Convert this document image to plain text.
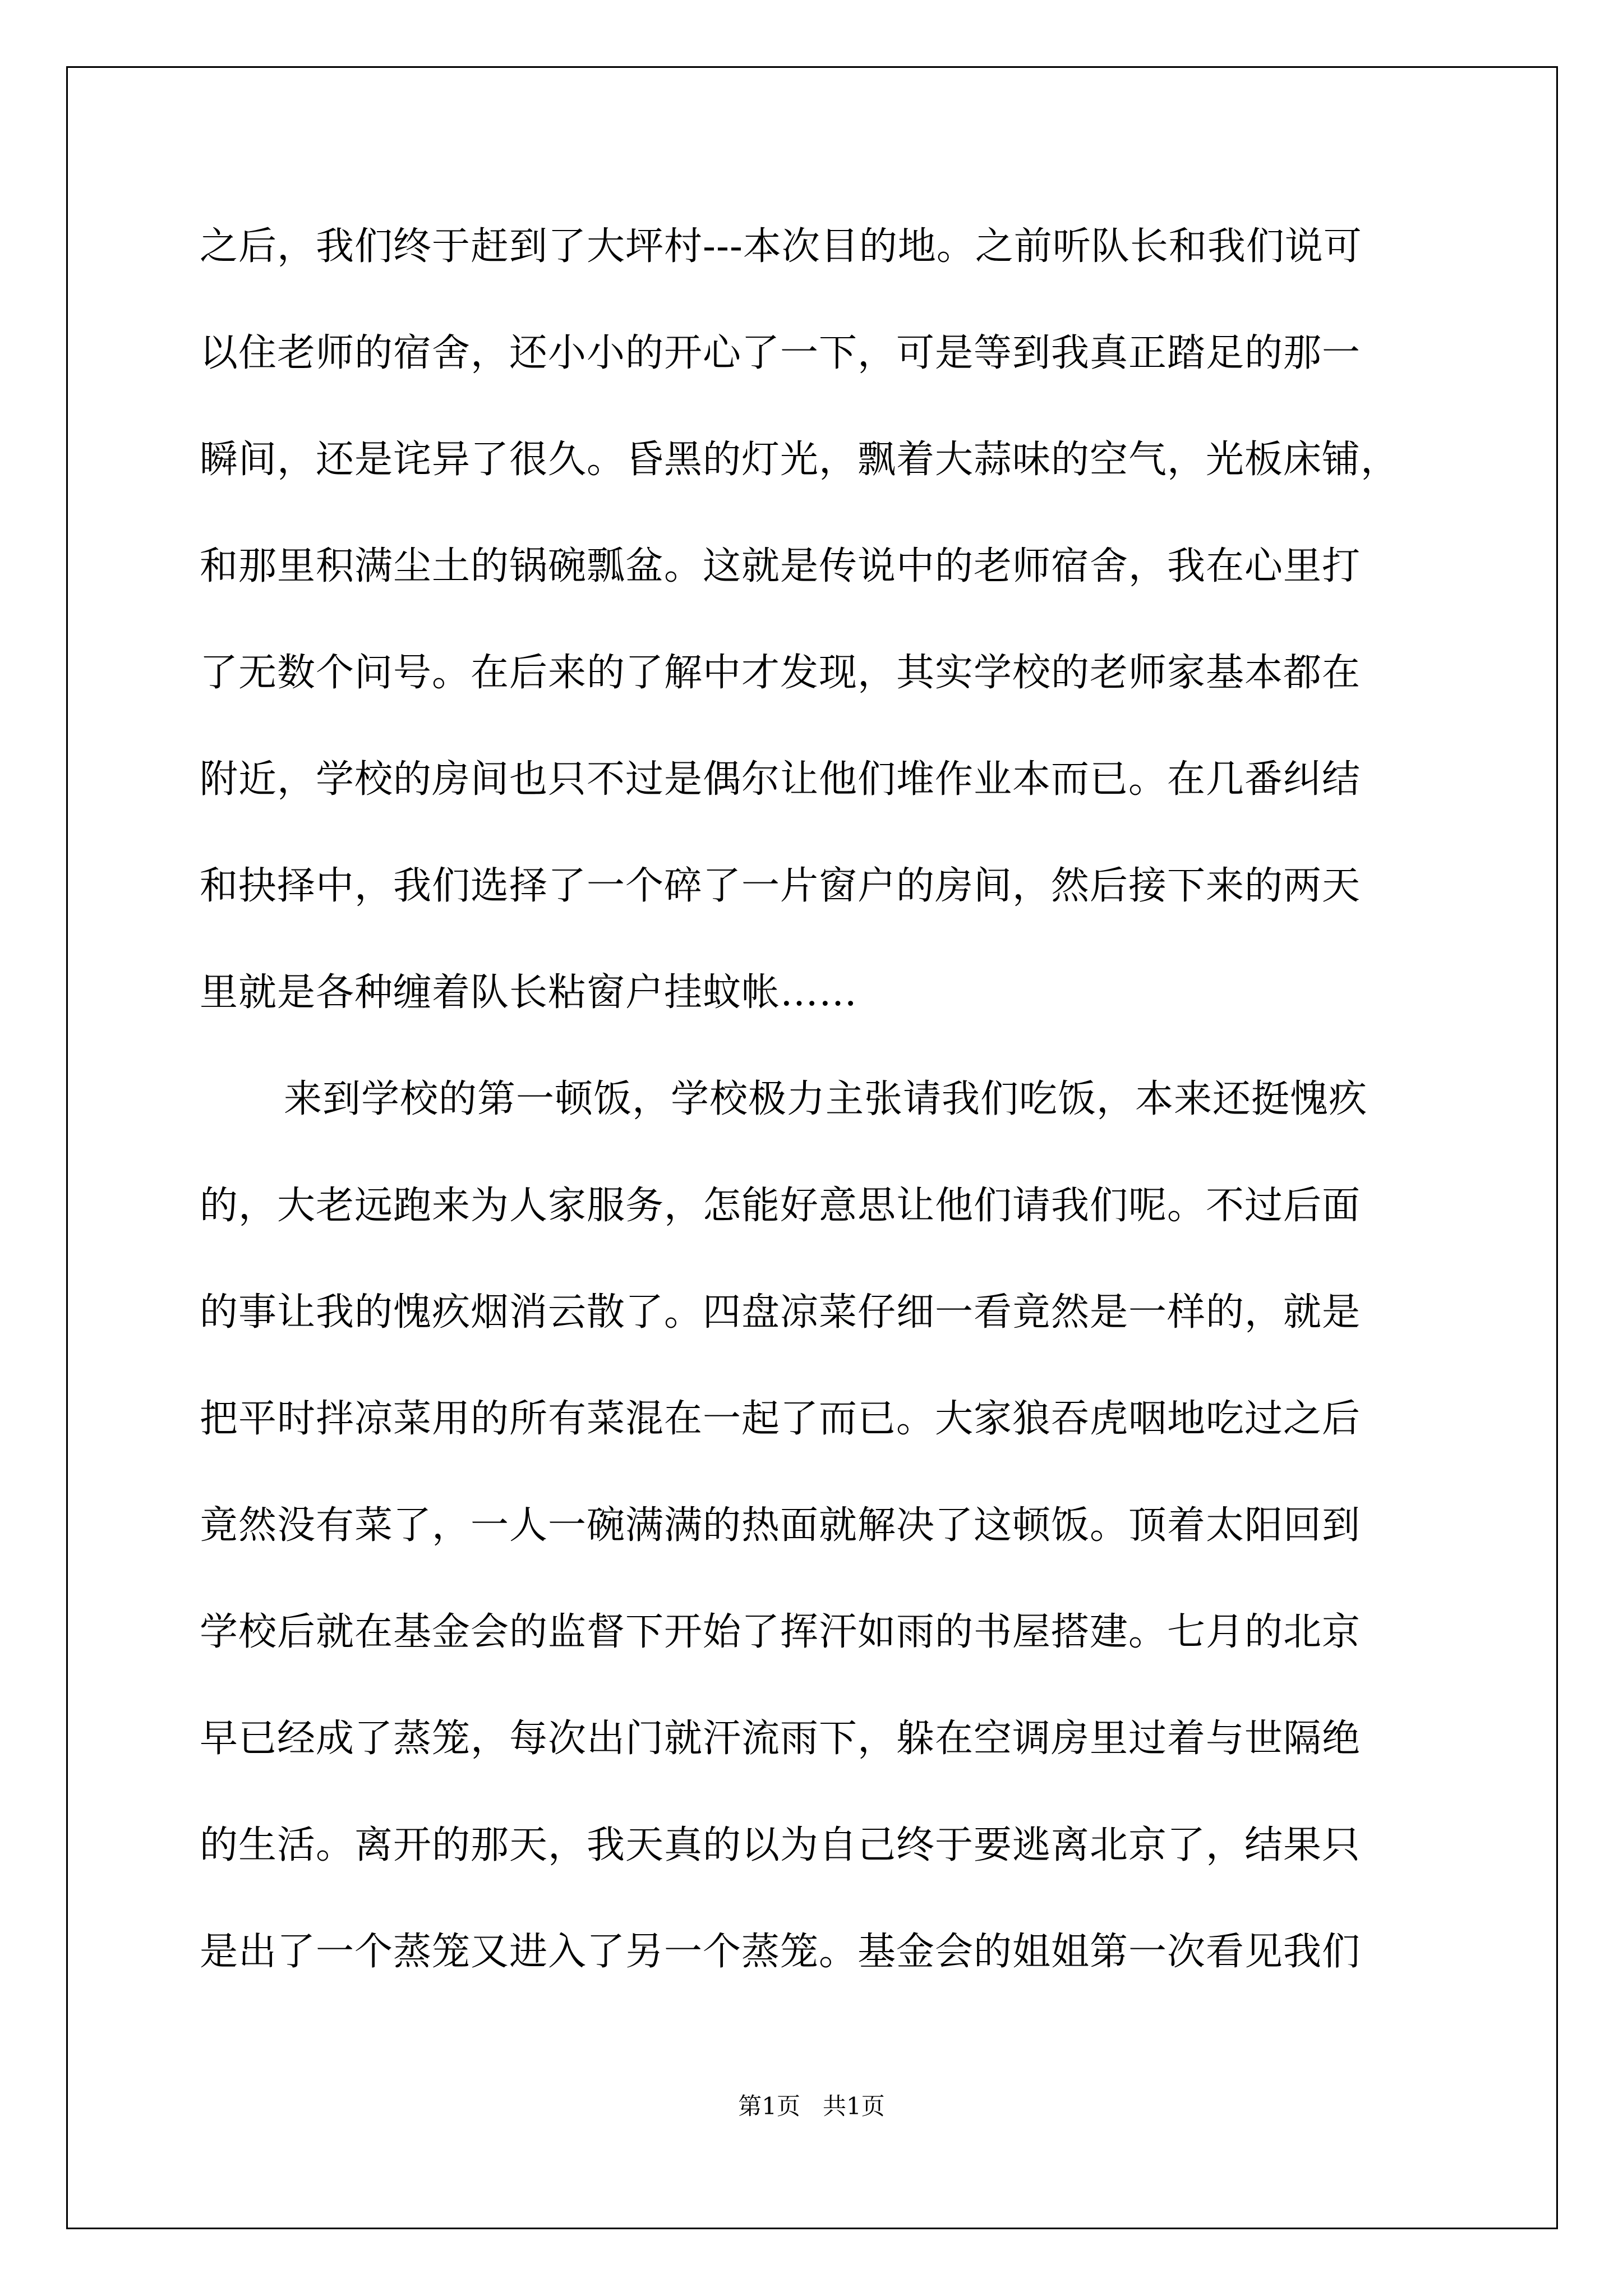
之后，我们终于赶到了大坪村---本次目的地。之前听队长和我们说可
以住老师的宿舍，还小小的开心了一下，可是等到我真正踏足的那一
瞬间，还是诧异了很久。昏黑的灯光，飘着大蒜味的空气，光板床铺，
和那里积满尘土的锅碗瓢盆。这就是传说中的老师宿舍，我在心里打
了无数个问号。在后来的了解中才发现，其实学校的老师家基本都在
附近，学校的房间也只不过是偶尔让他们堆作业本而已。在几番纠结
和抉择中，我们选择了一个碎了一片窗户的房间，然后接下来的两天
里就是各种缠着队长粘窗户挂蚊帐……
来到学校的第一顿饭，学校极力主张请我们吃饭，本来还挺愧疚
的，大老远跑来为人家服务，怎能好意思让他们请我们呢。不过后面
的事让我的愧疚烟消云散了。四盘凉菜仔细一看竟然是一样的，就是
把平时拌凉菜用的所有菜混在一起了而已。大家狼吞虎咽地吃过之后
竟然没有菜了，一人一碗满满的热面就解决了这顿饭。顶着太阳回到
学校后就在基金会的监督下开始了挥汗如雨的书屋搭建。七月的北京
早已经成了蒸笼，每次出门就汗流雨下，躲在空调房里过着与世隔绝
的生活。离开的那天，我天真的以为自己终于要逃离北京了，结果只
是出了一个蒸笼又进入了另一个蒸笼。基金会的姐姐第一次看见我们
第1页 共1页
